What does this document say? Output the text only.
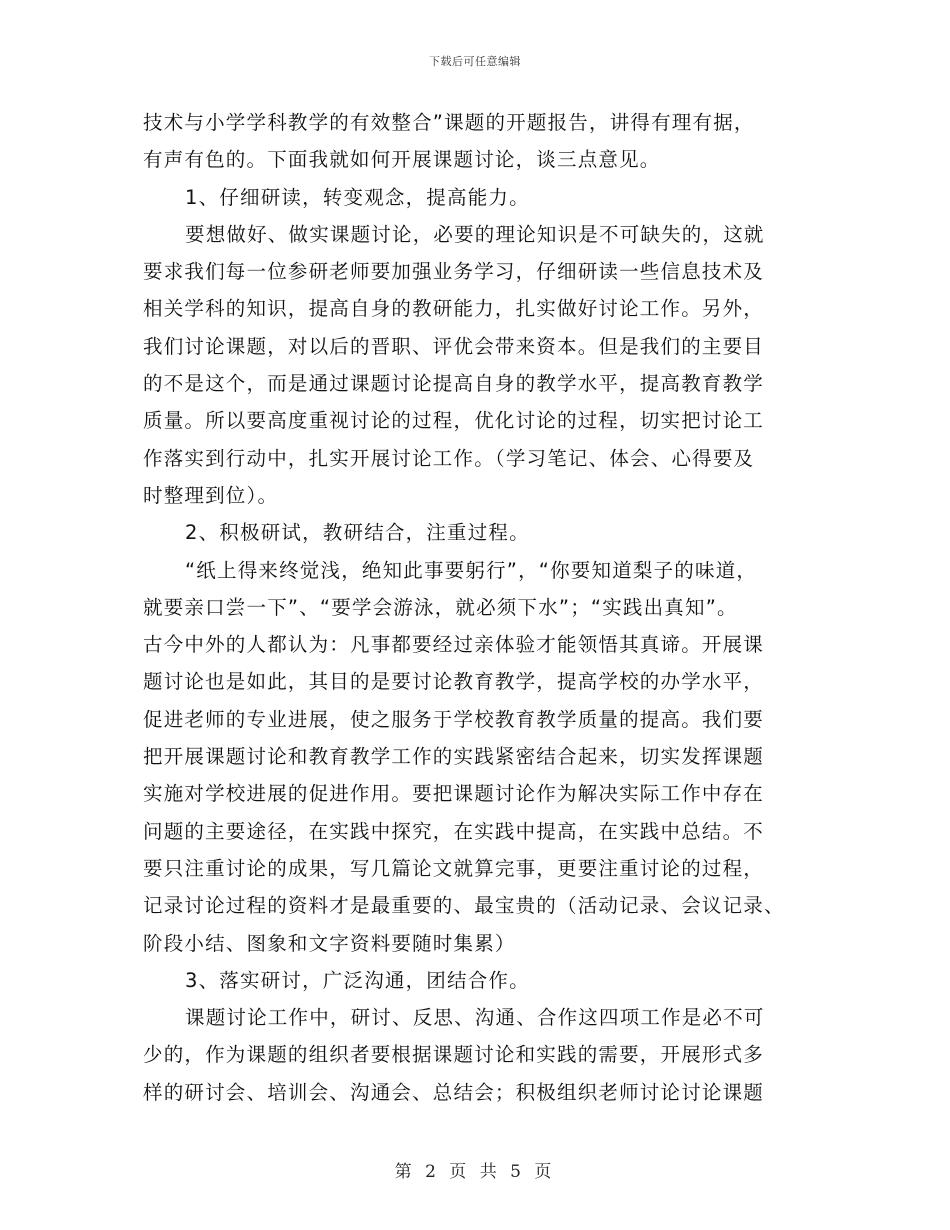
下载后可任意编辑
技术与小学学科教学的有效整合”课题的开题报告，讲得有理有据，
有声有色的。下面我就如何开展课题讨论，谈三点意见。
1、仔细研读，转变观念，提高能力。
要想做好、做实课题讨论，必要的理论知识是不可缺失的，这就
要求我们每一位参研老师要加强业务学习，仔细研读一些信息技术及
相关学科的知识，提高自身的教研能力，扎实做好讨论工作。另外，
我们讨论课题，对以后的晋职、评优会带来资本。但是我们的主要目
的不是这个，而是通过课题讨论提高自身的教学水平，提高教育教学
质量。所以要高度重视讨论的过程，优化讨论的过程，切实把讨论工
作落实到行动中，扎实开展讨论工作。（学习笔记、体会、心得要及
时整理到位）。
2、积极研试，教研结合，注重过程。
“纸上得来终觉浅，绝知此事要躬行”，“你要知道梨子的味道，
就要亲口尝一下”、“要学会游泳，就必须下水”；“实践出真知”。
古今中外的人都认为：凡事都要经过亲体验才能领悟其真谛。开展课
题讨论也是如此，其目的是要讨论教育教学，提高学校的办学水平，
促进老师的专业进展，使之服务于学校教育教学质量的提高。我们要
把开展课题讨论和教育教学工作的实践紧密结合起来，切实发挥课题
实施对学校进展的促进作用。要把课题讨论作为解决实际工作中存在
问题的主要途径，在实践中探究，在实践中提高，在实践中总结。不
要只注重讨论的成果，写几篇论文就算完事，更要注重讨论的过程，
记录讨论过程的资料才是最重要的、最宝贵的（活动记录、会议记录、
阶段小结、图象和文字资料要随时集累）
3、落实研讨，广泛沟通，团结合作。
课题讨论工作中，研讨、反思、沟通、合作这四项工作是必不可
少的，作为课题的组织者要根据课题讨论和实践的需要，开展形式多
样的研讨会、培训会、沟通会、总结会；积极组织老师讨论讨论课题
第 2 页 共 5 页
